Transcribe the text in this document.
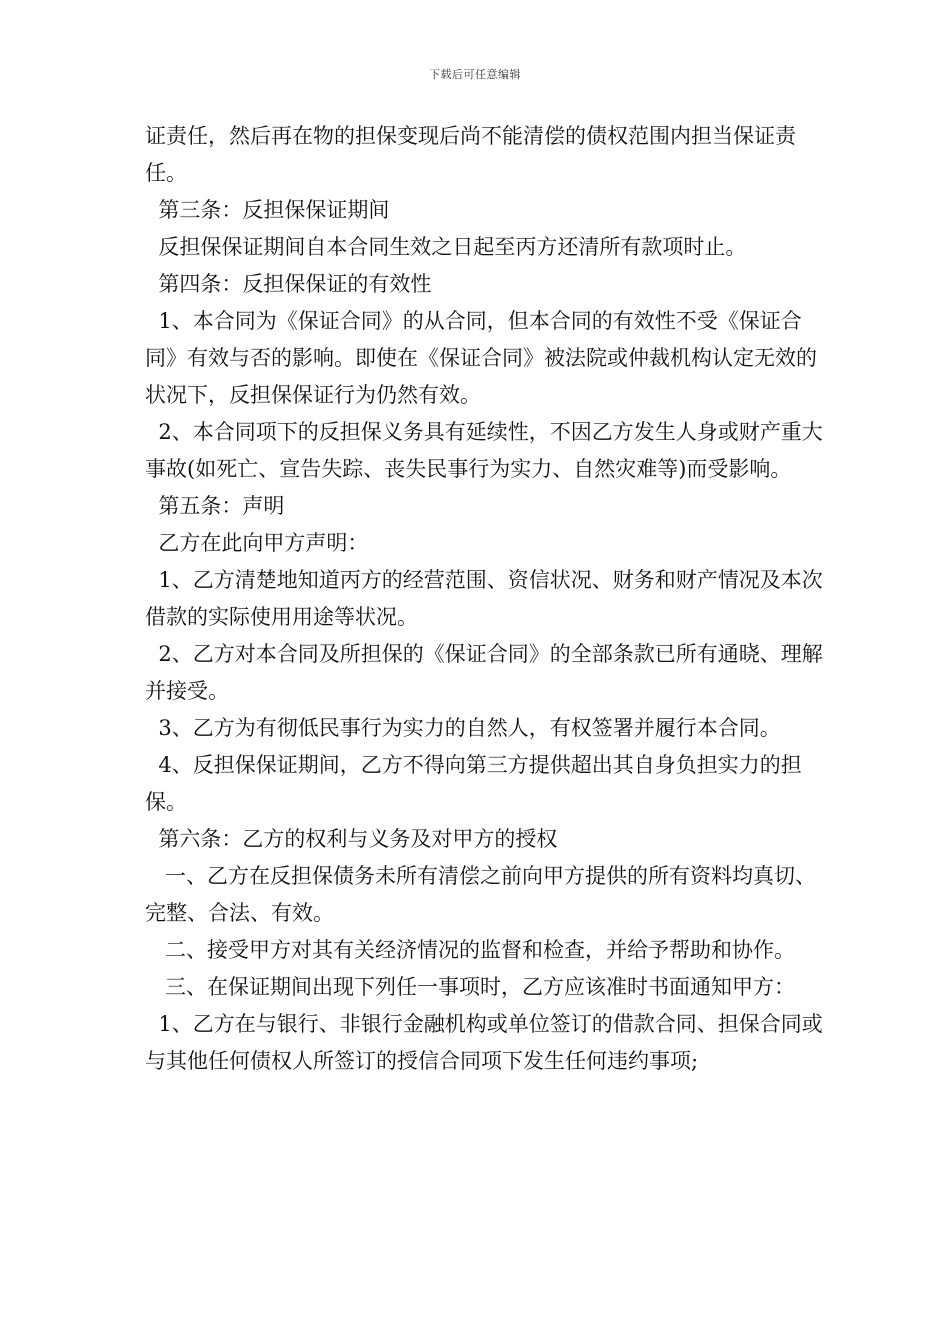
下载后可任意编辑

证责任，然后再在物的担保变现后尚不能清偿的债权范围内担当保证责任。

第三条：反担保保证期间

反担保保证期间自本合同生效之日起至丙方还清所有款项时止。

第四条：反担保保证的有效性

1、本合同为《保证合同》的从合同，但本合同的有效性不受《保证合同》有效与否的影响。即使在《保证合同》被法院或仲裁机构认定无效的状况下，反担保保证行为仍然有效。

2、本合同项下的反担保义务具有延续性，不因乙方发生人身或财产重大事故(如死亡、宣告失踪、丧失民事行为实力、自然灾难等)而受影响。

第五条：声明

乙方在此向甲方声明：

1、乙方清楚地知道丙方的经营范围、资信状况、财务和财产情况及本次借款的实际使用用途等状况。

2、乙方对本合同及所担保的《保证合同》的全部条款已所有通晓、理解并接受。

3、乙方为有彻低民事行为实力的自然人，有权签署并履行本合同。

4、反担保保证期间，乙方不得向第三方提供超出其自身负担实力的担保。

第六条：乙方的权利与义务及对甲方的授权

一、乙方在反担保债务未所有清偿之前向甲方提供的所有资料均真切、完整、合法、有效。

二、接受甲方对其有关经济情况的监督和检查，并给予帮助和协作。

三、在保证期间出现下列任一事项时，乙方应该准时书面通知甲方：

1、乙方在与银行、非银行金融机构或单位签订的借款合同、担保合同或与其他任何债权人所签订的授信合同项下发生任何违约事项;
